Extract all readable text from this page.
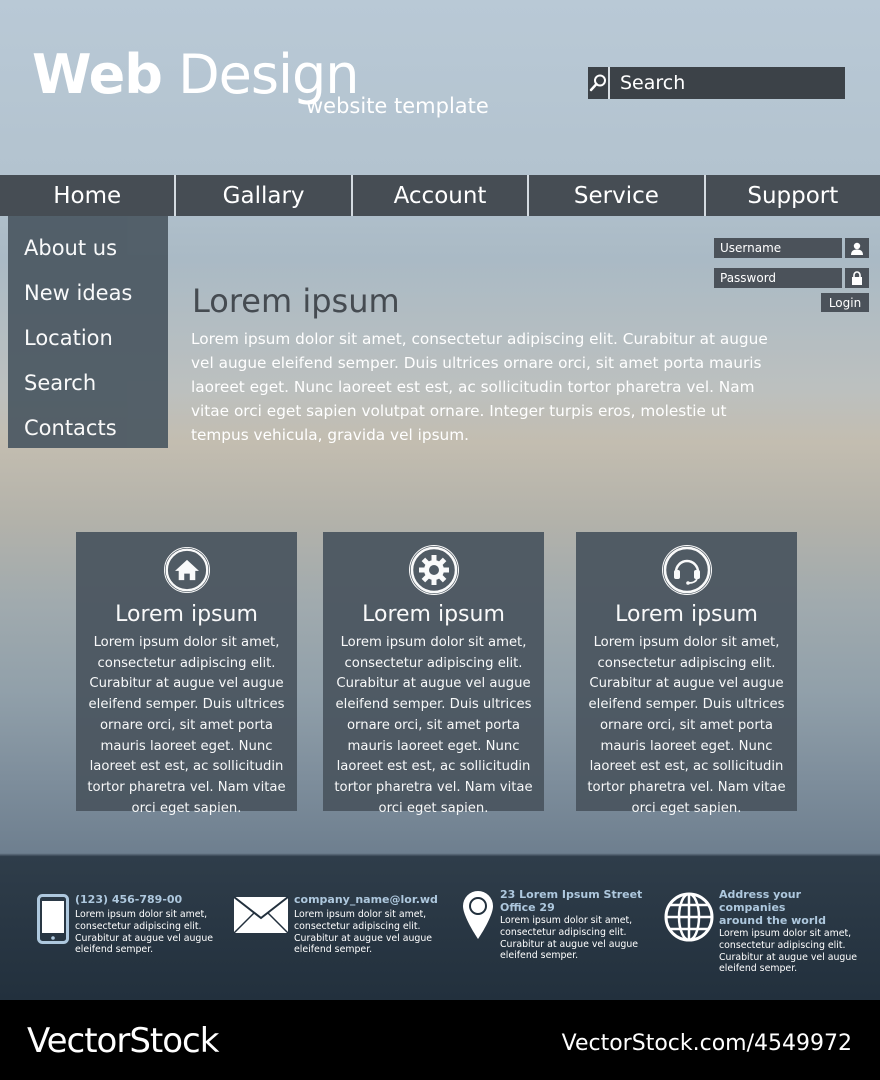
Web Design
website template
Search
Home	Gallary	Account	Service	Support
About us
New ideas
Location
Search
Contacts
Username
Password
Login
Lorem ipsum
Lorem ipsum dolor sit amet, consectetur adipiscing elit. Curabitur at augue vel augue eleifend semper. Duis ultrices ornare orci, sit amet porta mauris laoreet eget. Nunc laoreet est est, ac sollicitudin tortor pharetra vel. Nam vitae orci eget sapien volutpat ornare. Integer turpis eros, molestie ut tempus vehicula, gravida vel ipsum.
Lorem ipsum
Lorem ipsum dolor sit amet, consectetur adipiscing elit. Curabitur at augue vel augue eleifend semper. Duis ultrices ornare orci, sit amet porta mauris laoreet eget. Nunc laoreet est est, ac sollicitudin tortor pharetra vel. Nam vitae orci eget sapien.
Lorem ipsum
Lorem ipsum dolor sit amet, consectetur adipiscing elit. Curabitur at augue vel augue eleifend semper. Duis ultrices ornare orci, sit amet porta mauris laoreet eget. Nunc laoreet est est, ac sollicitudin tortor pharetra vel. Nam vitae orci eget sapien.
Lorem ipsum
Lorem ipsum dolor sit amet, consectetur adipiscing elit. Curabitur at augue vel augue eleifend semper. Duis ultrices ornare orci, sit amet porta mauris laoreet eget. Nunc laoreet est est, ac sollicitudin tortor pharetra vel. Nam vitae orci eget sapien.
(123) 456-789-00
Lorem ipsum dolor sit amet, consectetur adipiscing elit. Curabitur at augue vel augue eleifend semper.
company_name@lor.wd
Lorem ipsum dolor sit amet, consectetur adipiscing elit. Curabitur at augue vel augue eleifend semper.
23 Lorem Ipsum Street
Office 29
Lorem ipsum dolor sit amet, consectetur adipiscing elit. Curabitur at augue vel augue eleifend semper.
Address your companies
around the world
Lorem ipsum dolor sit amet, consectetur adipiscing elit. Curabitur at augue vel augue eleifend semper.
VectorStock	VectorStock.com/4549972
